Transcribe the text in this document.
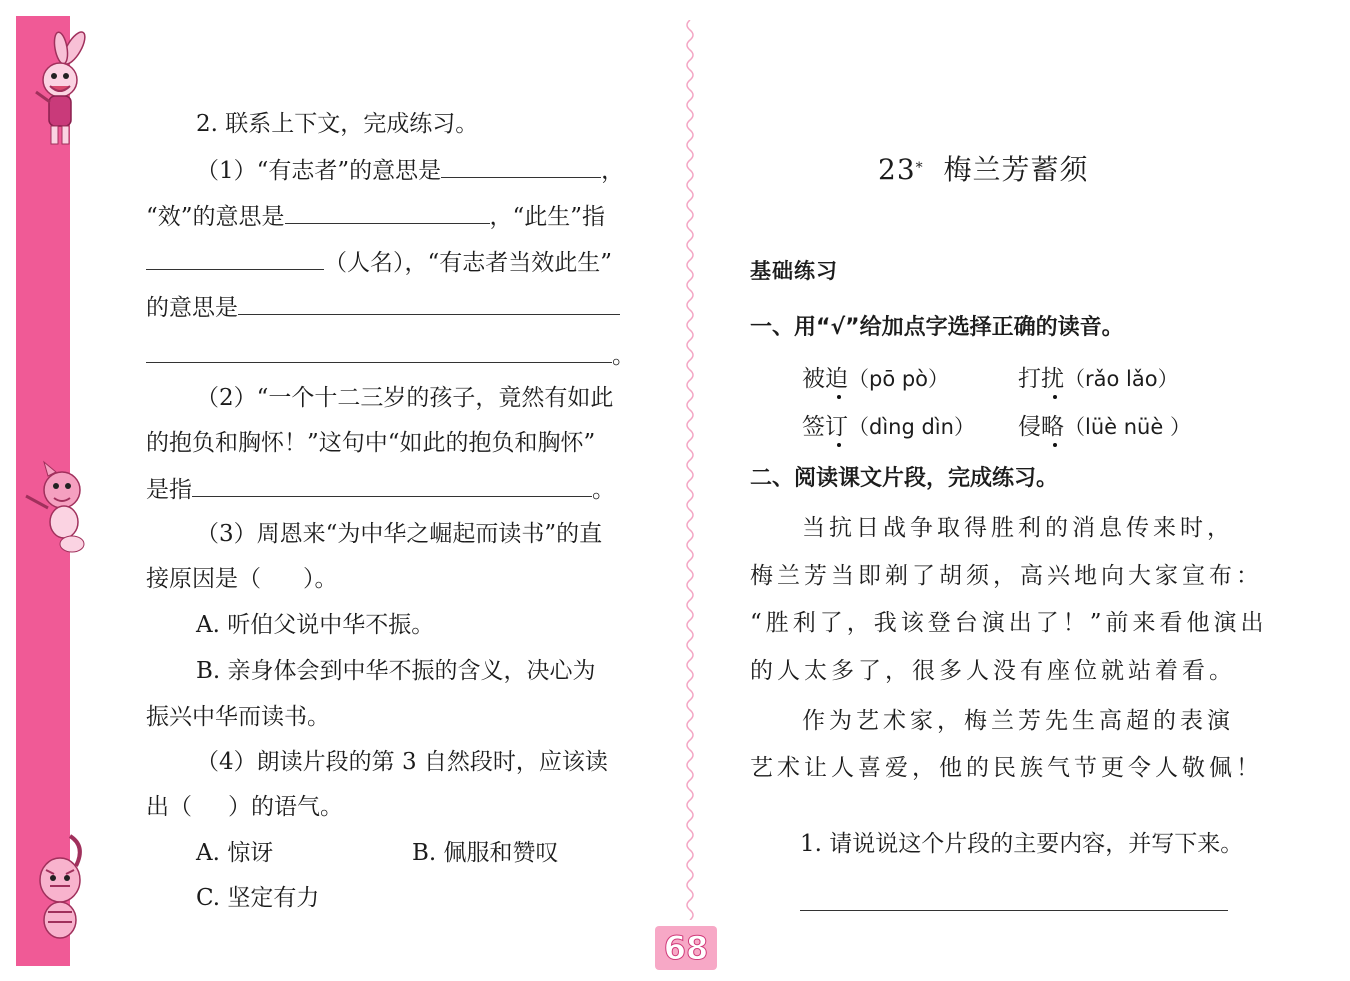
2. 联系上下文，完成练习。
（1）“有志者”的意思是	，
“效”的意思是	，“此生”指
（人名），“有志者当效此生”
的意思是
。
（2）“一个十二三岁的孩子，竟然有如此
的抱负和胸怀！”这句中“如此的抱负和胸怀”
是指	。
（3）周恩来“为中华之崛起而读书”的直
接原因是（ ）。
A. 听伯父说中华不振。
B. 亲身体会到中华不振的含义，决心为
振兴中华而读书。
（4）朗读片段的第 3 自然段时，应该读
出（ ）的语气。
A. 惊讶	B. 佩服和赞叹
C. 坚定有力
23* 梅兰芳蓄须
基础练习
一、用“√”给加点字选择正确的读音。
被迫（pō pò）	打扰（rǎo lǎo）
签订（dìng dìn） 侵略（lüè nüè ）
二、阅读课文片段，完成练习。
当抗日战争取得胜利的消息传来时，
梅兰芳当即剃了胡须，高兴地向大家宣布：
“胜利了，我该登台演出了！”前来看他演出
的人太多了，很多人没有座位就站着看。
作为艺术家，梅兰芳先生高超的表演
艺术让人喜爱，他的民族气节更令人敬佩！
1. 请说说这个片段的主要内容，并写下来。
68
